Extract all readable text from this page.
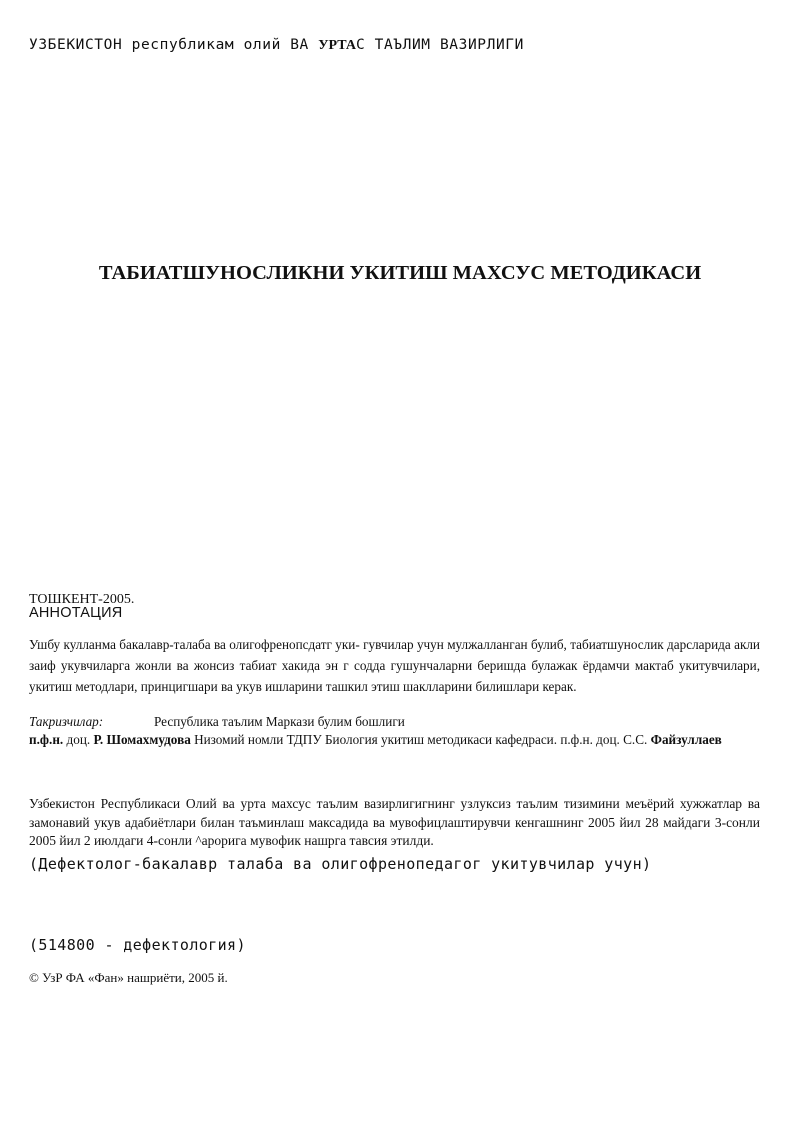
УЗБЕКИСТОН республикам олий ВА УРТАС ТАЪЛИМ ВАЗИРЛИГИ
ТАБИАТШУНОСЛИКНИ УКИТИШ МАХСУС МЕТОДИКАСИ
ТОШКЕНТ-2005.
АННОТАЦИЯ
Ушбу кулланма бакалавр-талаба ва олигофренопсдатг уки- гувчилар учун мулжалланган булиб, табиатшунослик дарсларида акли заиф укувчиларга жонли ва жонсиз табиат хакида эн г содда гушунчаларни беришда булажак ёрдамчи мактаб укитувчилари, укитиш методлари, принцигшари ва укув ишларини ташкил этиш шаклларини билишлари керак.
Такризчилар:	Республика таълим Маркази булим бошлиги
п.ф.н. доц. Р. Шомахмудова Низомий номли ТДПУ Биология укитиш методикаси кафедраси. п.ф.н. доц. С.С. Файзуллаев
Узбекистон Республикаси Олий ва урта махсус таълим вазирлигигнинг узлуксиз таълим тизимини меъёрий хужжатлар ва замонавий укув адабиётлари билан таъминлаш максадида ва мувофицлаштирувчи кенгашнинг 2005 йил 28 майдаги 3-сонли 2005 йил 2 июлдаги 4-сонли ^арорига мувофик нашрга тавсия этилди.
(Дефектолог-бакалавр талаба ва олигофренопедагог укитувчилар учун)
(514800 - дефектология)
© УзР ФА «Фан» нашриёти, 2005 й.
